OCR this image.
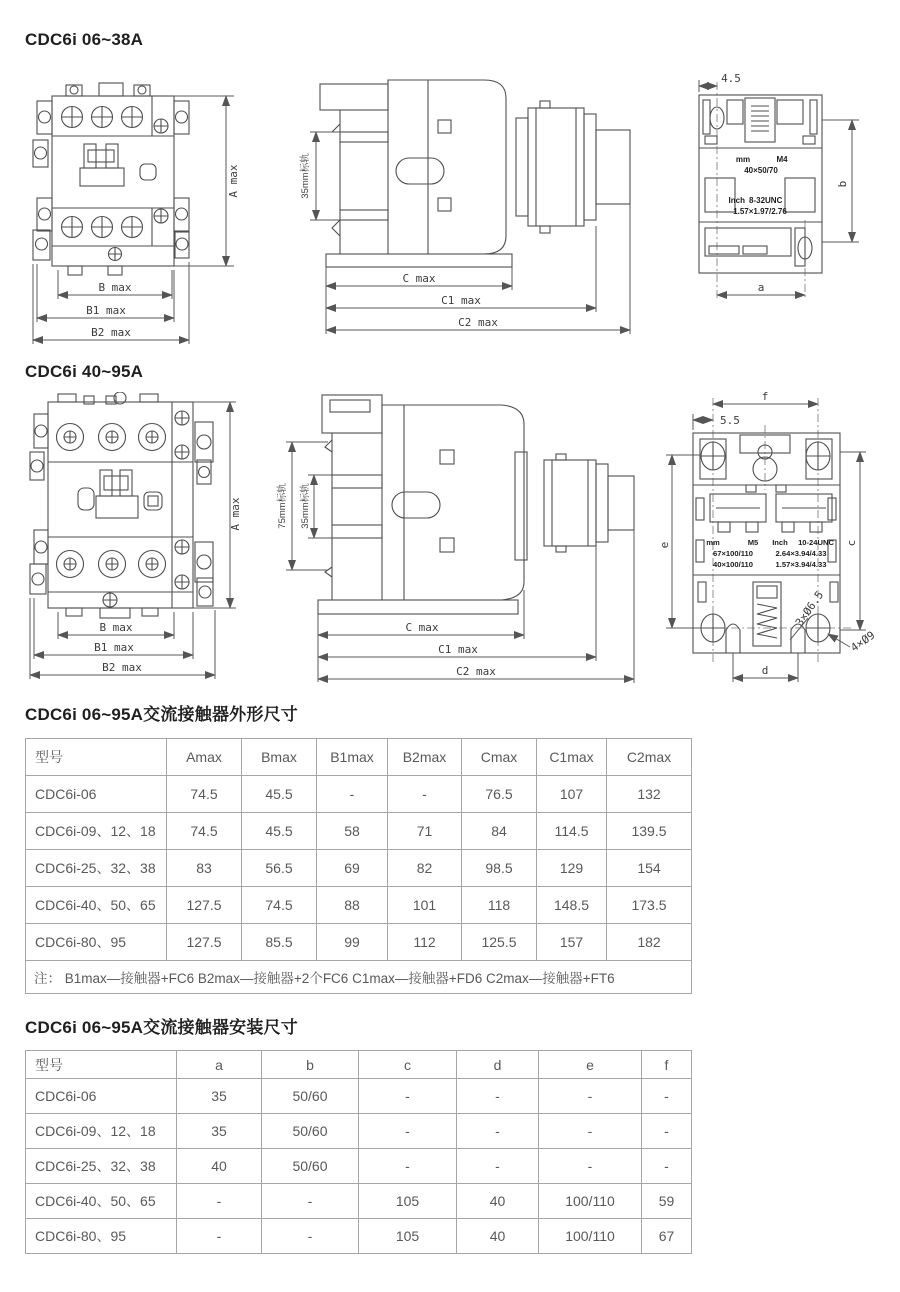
CDC6i 06~38A
A max
B max
B1 max
B2 max
35mm标轨
C max
C1 max
C2 max
mm	M4
40×50/70
Inch 8-32UNC
1.57×1.97/2.76
4.5
b
a
CDC6i 40~95A
A max
B max
B1 max
B2 max
75mm标轨 35mm标轨
C max
C1 max
C2 max
mm	M5 Inch 10-24UNC
67×100/110	2.64×3.94/4.33
40×100/110	1.57×3.94/4.33
f
5.5
e	c
d
3×Ø6.5
4×Ø9
CDC6i 06~95A交流接触器外形尺寸
型号	Amax	Bmax	B1max	B2max	Cmax	C1max	C2max
CDC6i-06	74.5	45.5	-	-	76.5	107	132
CDC6i-09、12、18	74.5	45.5	58	71	84	114.5	139.5
CDC6i-25、32、38	83	56.5	69	82	98.5	129	154
CDC6i-40、50、65	127.5	74.5	88	101	118	148.5	173.5
CDC6i-80、95	127.5	85.5	99	112	125.5	157	182
注： B1max—接触器+FC6 B2max—接触器+2个FC6 C1max—接触器+FD6 C2max—接触器+FT6							
CDC6i 06~95A交流接触器安装尺寸
型号	a	b	c	d	e	f
CDC6i-06	35	50/60	-	-	-	-
CDC6i-09、12、18	35	50/60	-	-	-	-
CDC6i-25、32、38	40	50/60	-	-	-	-
CDC6i-40、50、65	-	-	105	40	100/110	59
CDC6i-80、95	-	-	105	40	100/110	67
